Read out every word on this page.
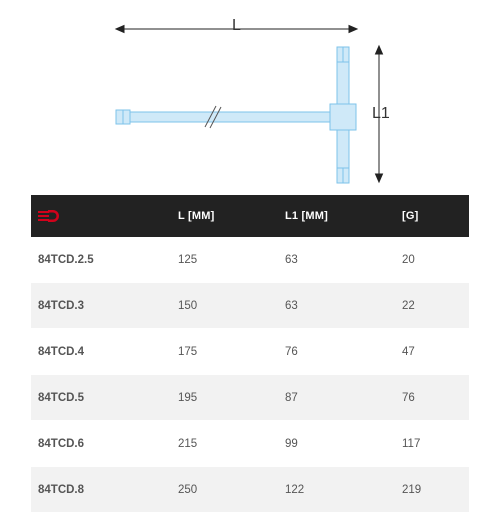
L
L1
	L [MM]	L1 [MM]	[G]
84TCD.2.5	125	63	20
84TCD.3	150	63	22
84TCD.4	175	76	47
84TCD.5	195	87	76
84TCD.6	215	99	117
84TCD.8	250	122	219
